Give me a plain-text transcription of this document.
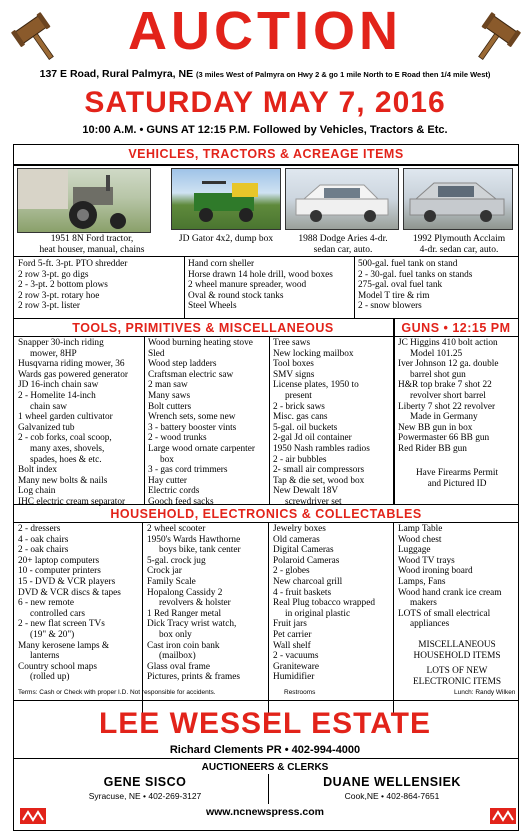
AUCTION
137 E Road, Rural Palmyra, NE (3 miles West of Palmyra on Hwy 2 & go 1 mile North to E Road then 1/4 mile West)
SATURDAY MAY 7, 2016
10:00 A.M. • GUNS AT 12:15 P.M. Followed by Vehicles, Tractors & Etc.
VEHICLES, TRACTORS & ACREAGE ITEMS
1951 8N Ford tractor,
heat houser, manual, chains
JD Gator 4x2, dump box	1988 Dodge Aries 4-dr.
sedan car, auto.
1992 Plymouth Acclaim
4-dr. sedan car, auto.
Ford 5-ft. 3-pt. PTO shredder
2 row 3-pt. go digs
2 - 3-pt. 2 bottom plows
2 row 3-pt. rotary hoe
2 row 3-pt. lister
Hand corn sheller
Horse drawn 14 hole drill, wood boxes
2 wheel manure spreader, wood
Oval & round stock tanks
Steel Wheels
500-gal. fuel tank on stand
2 - 30-gal. fuel tanks on stands
275-gal. oval fuel tank
Model T tire & rim
2 - snow blowers
TOOLS, PRIMITIVES & MISCELLANEOUS	GUNS • 12:15 PM
Snapper 30-inch riding
mower, 8HP
Husqvarna riding mower, 36
Wards gas powered generator
JD 16-inch chain saw
2 - Homelite 14-inch
chain saw
1 wheel garden cultivator
Galvanized tub
2 - cob forks, coal scoop,
many axes, shovels,
spades, hoes & etc.
Bolt index
Many new bolts & nails
Log chain
IHC electric cream separator
Wood burning heating stove
Sled
Wood step ladders
Craftsman electric saw
2 man saw
Many saws
Bolt cutters
Wrench sets, some new
3 - battery booster vints
2 - wood trunks
Large wood ornate carpenter
box
3 - gas cord trimmers
Hay cutter
Electric cords
Gooch feed sacks
Tree saws
New locking mailbox
Tool boxes
SMV signs
License plates, 1950 to
present
2 - brick saws
Misc. gas cans
5-gal. oil buckets
2-gal Jd oil container
1950 Nash rambles radios
2 - air bubbles
2- small air compressors
Tap & die set, wood box
New Dewalt 18V
screwdriver set
JC Higgins 410 bolt action
Model 101.25
Iver Johnson 12 ga. double
barrel shot gun
H&R top brake 7 shot 22
revolver short barrel
Liberty 7 shot 22 revolver
Made in Germany
New BB gun in box
Powermaster 66 BB gun
Red Rider BB gun
Have Firearms Permit
and Pictured ID
HOUSEHOLD, ELECTRONICS & COLLECTABLES
2 - dressers
4 - oak chairs
2 - oak chairs
20+ laptop computers
10 - computer printers
15 - DVD & VCR players
DVD & VCR discs & tapes
6 - new remote
controlled cars
2 - new flat screen TVs
(19" & 20")
Many kerosene lamps &
lanterns
Country school maps
(rolled up)
2 wheel scooter
1950's Wards Hawthorne
boys bike, tank center
5-gal. crock jug
Crock jar
Family Scale
Hopalong Cassidy 2
revolvers & holster
1 Red Ranger metal
Dick Tracy wrist watch,
box only
Cast iron coin bank
(mailbox)
Glass oval frame
Pictures, prints & frames
Jewelry boxes
Old cameras
Digital Cameras
Polaroid Cameras
2 - globes
New charcoal grill
4 - fruit baskets
Real Plug tobacco wrapped
in original plastic
Fruit jars
Pet carrier
Wall shelf
2 - vacuums
Graniteware
Humidifier
Lamp Table
Wood chest
Luggage
Wood TV trays
Wood ironing board
Lamps, Fans
Wood hand crank ice cream
makers
LOTS of small electrical
appliances
MISCELLANEOUS
HOUSEHOLD ITEMS
LOTS OF NEW
ELECTRONIC ITEMS
Terms: Cash or Check with proper I.D. Not responsible for accidents.	Restrooms	Lunch: Randy Wilken
LEE WESSEL ESTATE
Richard Clements PR • 402-994-4000
AUCTIONEERS & CLERKS
GENE SISCO
Syracuse, NE • 402-269-3127
DUANE WELLENSIEK
Cook,NE • 402-864-7651
www.ncnewspress.com
